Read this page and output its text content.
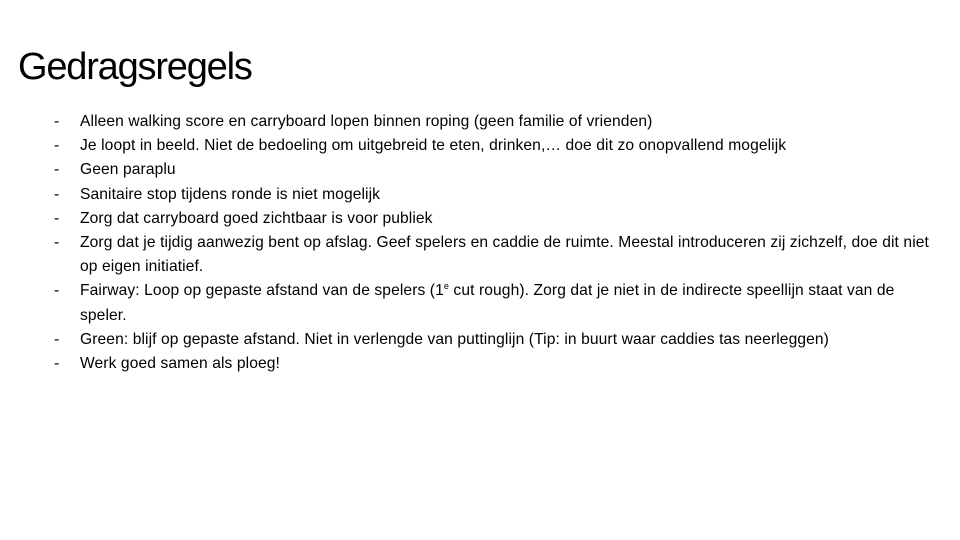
Gedragsregels
-	Alleen walking score en carryboard lopen binnen roping (geen familie of vrienden)
-	Je loopt in beeld. Niet de bedoeling om uitgebreid te eten, drinken,… doe dit zo onopvallend mogelijk
-	Geen paraplu
-	Sanitaire stop tijdens ronde is niet mogelijk
-	Zorg dat carryboard goed zichtbaar is voor publiek
-	Zorg dat je tijdig aanwezig bent op afslag. Geef spelers en caddie de ruimte. Meestal introduceren zij zichzelf, doe dit niet op eigen initiatief.
-	Fairway: Loop op gepaste afstand van de spelers (1e cut rough). Zorg dat je niet in de indirecte speellijn staat van de speler.
-	Green: blijf op gepaste afstand. Niet in verlengde van puttinglijn (Tip: in buurt waar caddies tas neerleggen)
-	Werk goed samen als ploeg!
